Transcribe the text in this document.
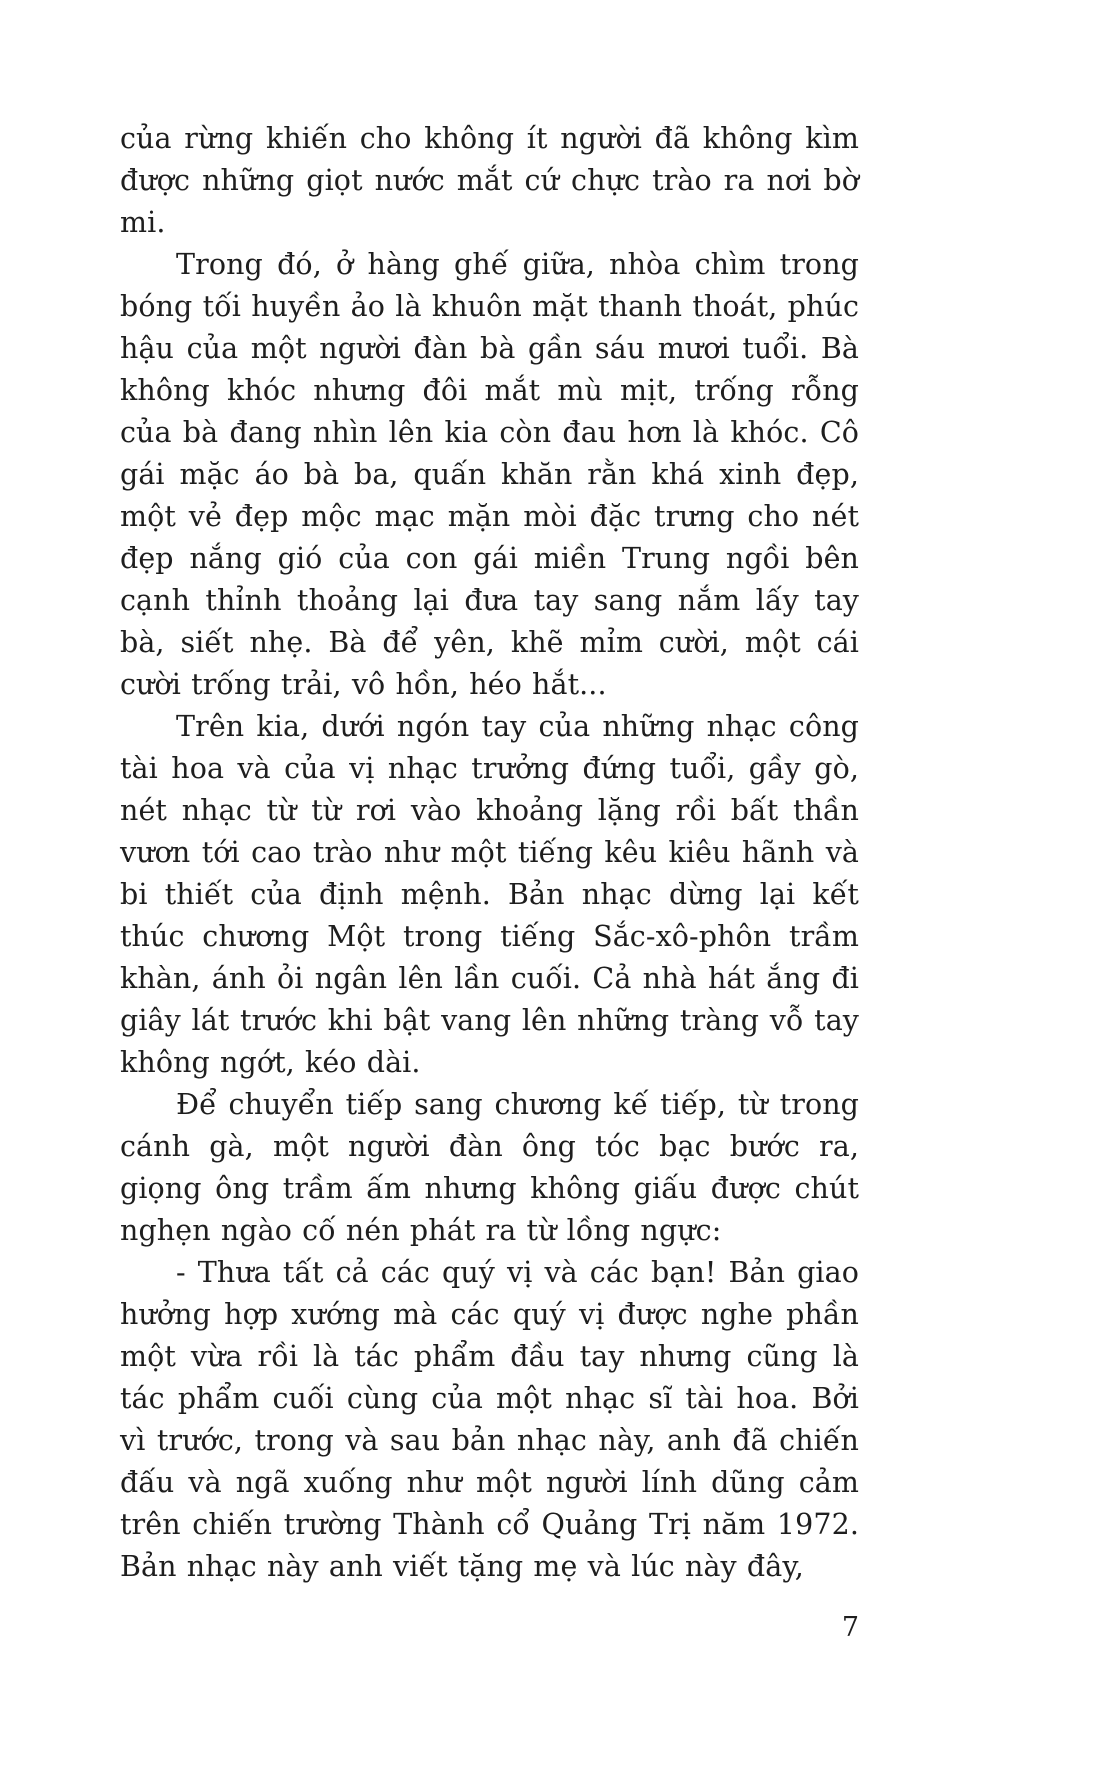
của rừng khiến cho không ít người đã không kìm được những giọt nước mắt cứ chực trào ra nơi bờ mi.

Trong đó, ở hàng ghế giữa, nhòa chìm trong bóng tối huyền ảo là khuôn mặt thanh thoát, phúc hậu của một người đàn bà gần sáu mươi tuổi. Bà không khóc nhưng đôi mắt mù mịt, trống rỗng của bà đang nhìn lên kia còn đau hơn là khóc. Cô gái mặc áo bà ba, quấn khăn rằn khá xinh đẹp, một vẻ đẹp mộc mạc mặn mòi đặc trưng cho nét đẹp nắng gió của con gái miền Trung ngồi bên cạnh thỉnh thoảng lại đưa tay sang nắm lấy tay bà, siết nhẹ. Bà để yên, khẽ mỉm cười, một cái cười trống trải, vô hồn, héo hắt...

Trên kia, dưới ngón tay của những nhạc công tài hoa và của vị nhạc trưởng đứng tuổi, gầy gò, nét nhạc từ từ rơi vào khoảng lặng rồi bất thần vươn tới cao trào như một tiếng kêu kiêu hãnh và bi thiết của định mệnh. Bản nhạc dừng lại kết thúc chương Một trong tiếng Sắc-xô-phôn trầm khàn, ánh ỏi ngân lên lần cuối. Cả nhà hát ắng đi giây lát trước khi bật vang lên những tràng vỗ tay không ngớt, kéo dài.

Để chuyển tiếp sang chương kế tiếp, từ trong cánh gà, một người đàn ông tóc bạc bước ra, giọng ông trầm ấm nhưng không giấu được chút nghẹn ngào cố nén phát ra từ lồng ngực:

- Thưa tất cả các quý vị và các bạn! Bản giao hưởng hợp xướng mà các quý vị được nghe phần một vừa rồi là tác phẩm đầu tay nhưng cũng là tác phẩm cuối cùng của một nhạc sĩ tài hoa. Bởi vì trước, trong và sau bản nhạc này, anh đã chiến đấu và ngã xuống như một người lính dũng cảm trên chiến trường Thành cổ Quảng Trị năm 1972. Bản nhạc này anh viết tặng mẹ và lúc này đây,

7
